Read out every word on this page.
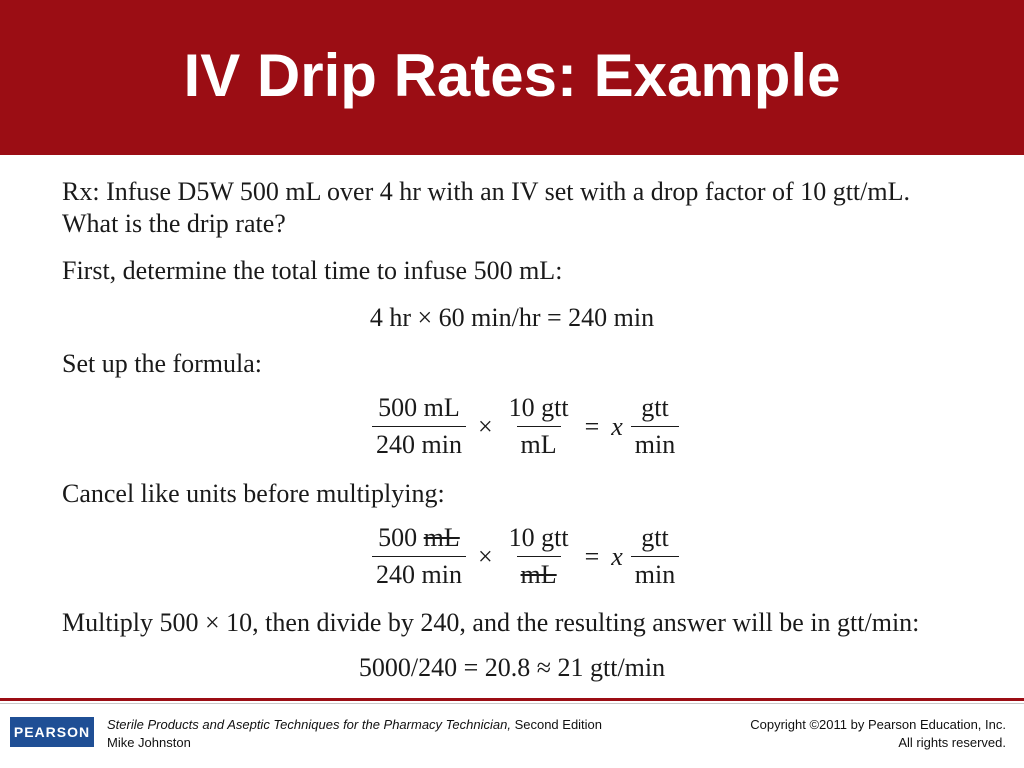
IV Drip Rates: Example

Rx: Infuse D5W 500 mL over 4 hr with an IV set with a drop factor of 10 gtt/mL.

What is the drip rate?

First, determine the total time to infuse 500 mL:

4 hr × 60 min/hr = 240 min

Set up the formula:

$\frac{500 mL}{240 \min} \times \frac{\text{10 gtt}}{mL} = x \frac{\text{gtt}}{\min}$

Cancel like units before multiplying:

$\frac{500 mL}{240 \min} \times \frac{\text{10 gtt}}{mL} = x \frac{\text{gtt}}{\min}$

Multiply 500 × 10, then divide by 240, and the resulting answer will be in gtt/min:

5000/240 = 20.8 ≈ 21 gtt/min

PEARSON Sterile Products and Aseptic Techniques for the Pharmacy Technician, Second Edition
Mike Johnston
Copyright ©2011 by Pearson Education, Inc.
All rights reserved.
